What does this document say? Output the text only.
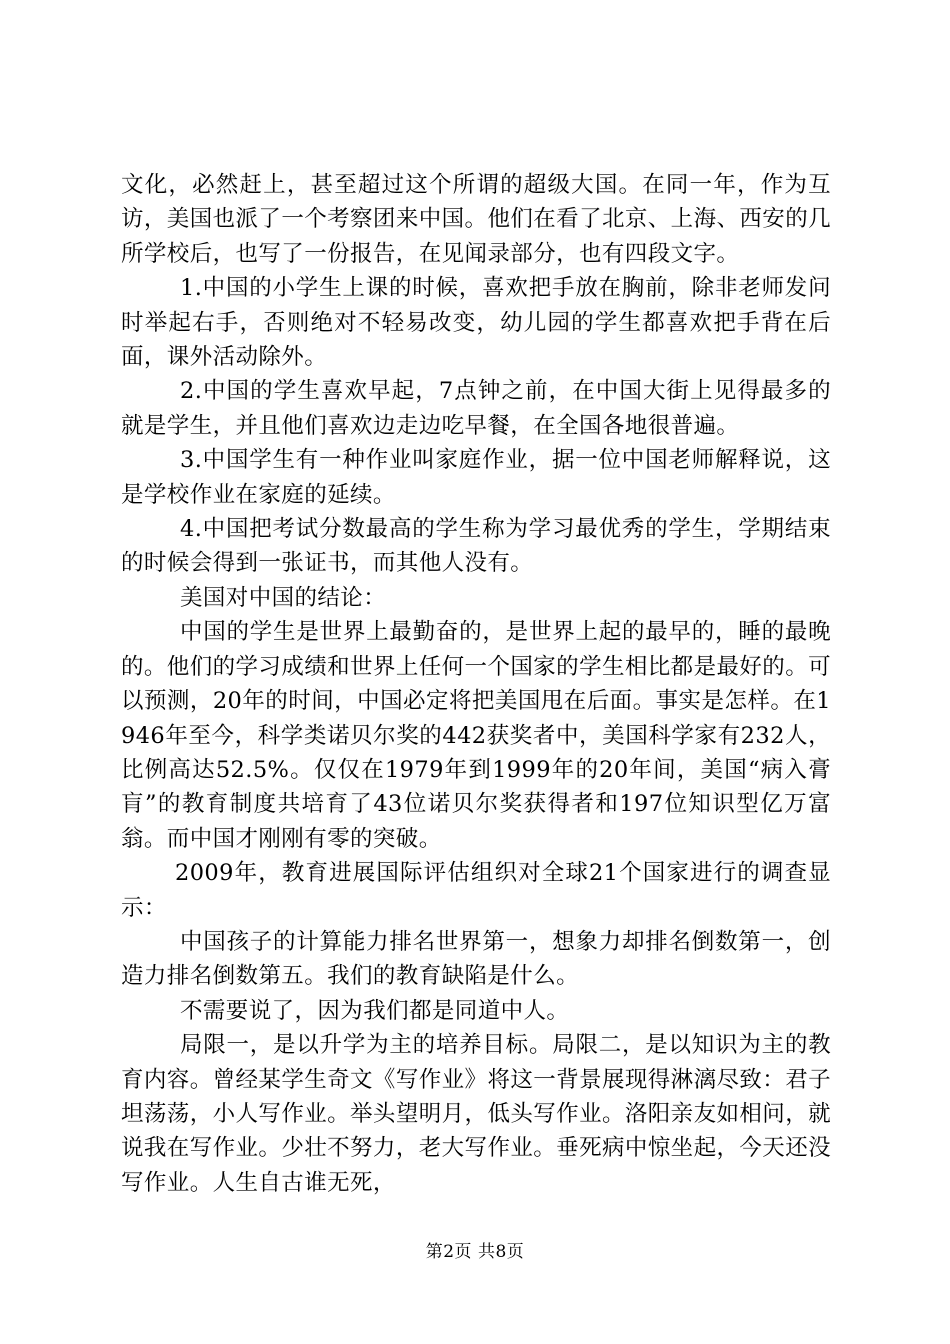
文化，必然赶上，甚至超过这个所谓的超级大国。在同一年，作为互访，美国也派了一个考察团来中国。他们在看了北京、上海、西安的几所学校后，也写了一份报告，在见闻录部分，也有四段文字。

1.中国的小学生上课的时候，喜欢把手放在胸前，除非老师发问时举起右手，否则绝对不轻易改变，幼儿园的学生都喜欢把手背在后面，课外活动除外。

2.中国的学生喜欢早起，7点钟之前，在中国大街上见得最多的就是学生，并且他们喜欢边走边吃早餐，在全国各地很普遍。

3.中国学生有一种作业叫家庭作业，据一位中国老师解释说，这是学校作业在家庭的延续。

4.中国把考试分数最高的学生称为学习最优秀的学生，学期结束的时候会得到一张证书，而其他人没有。

美国对中国的结论：

中国的学生是世界上最勤奋的，是世界上起的最早的，睡的最晚的。他们的学习成绩和世界上任何一个国家的学生相比都是最好的。可以预测，20年的时间，中国必定将把美国甩在后面。事实是怎样。在1946年至今，科学类诺贝尔奖的442获奖者中，美国科学家有232人，比例高达52.5%。仅仅在1979年到1999年的20年间，美国“病入膏肓”的教育制度共培育了43位诺贝尔奖获得者和197位知识型亿万富翁。而中国才刚刚有零的突破。

2009年，教育进展国际评估组织对全球21个国家进行的调查显示：

中国孩子的计算能力排名世界第一，想象力却排名倒数第一，创造力排名倒数第五。我们的教育缺陷是什么。

不需要说了，因为我们都是同道中人。

局限一，是以升学为主的培养目标。局限二，是以知识为主的教育内容。曾经某学生奇文《写作业》将这一背景展现得淋漓尽致：君子坦荡荡，小人写作业。举头望明月，低头写作业。洛阳亲友如相问，就说我在写作业。少壮不努力，老大写作业。垂死病中惊坐起，今天还没写作业。人生自古谁无死，

第2页 共8页
